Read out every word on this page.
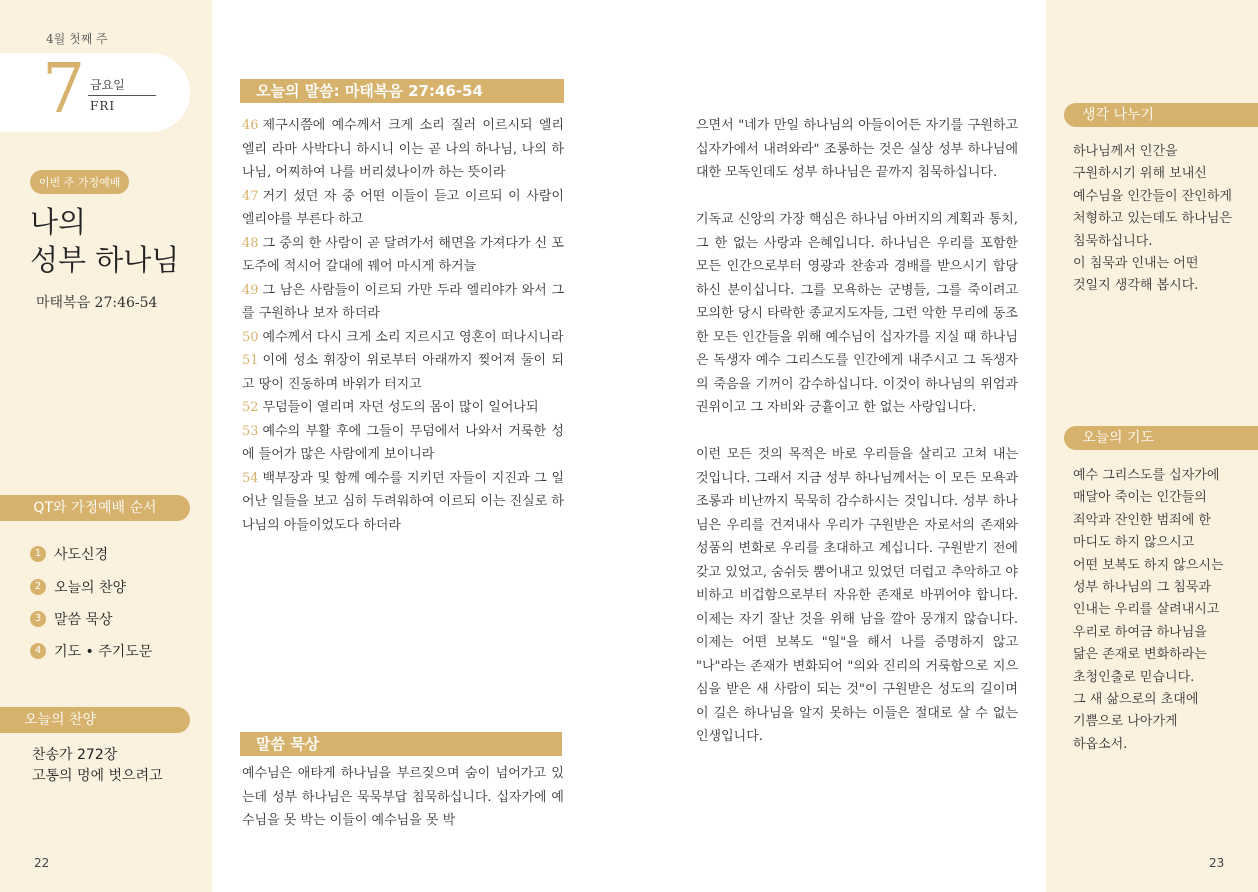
4월 첫째 주
7 금요일
FRI
이번 주 가정예배
나의
성부 하나님
마태복음 27:46-54
QT와 가정예배 순서
1 사도신경
2 오늘의 찬양
3 말씀 묵상
4 기도 • 주기도문
오늘의 찬양
찬송가 272장
고통의 멍에 벗으려고
22
오늘의 말씀: 마태복음 27:46-54
46 제구시쯤에 예수께서 크게 소리 질러 이르시되 엘리 엘리 라마 사박다니 하시니 이는 곧 나의 하나님, 나의 하나님, 어찌하여 나를 버리셨나이까 하는 뜻이라
47 거기 섰던 자 중 어떤 이들이 듣고 이르되 이 사람이 엘리야를 부른다 하고
48 그 중의 한 사람이 곧 달려가서 해면을 가져다가 신 포도주에 적시어 갈대에 꿰어 마시게 하거늘
49 그 남은 사람들이 이르되 가만 두라 엘리야가 와서 그를 구원하나 보자 하더라
50 예수께서 다시 크게 소리 지르시고 영혼이 떠나시니라
51 이에 성소 휘장이 위로부터 아래까지 찢어져 둘이 되고 땅이 진동하며 바위가 터지고
52 무덤들이 열리며 자던 성도의 몸이 많이 일어나되
53 예수의 부활 후에 그들이 무덤에서 나와서 거룩한 성에 들어가 많은 사람에게 보이니라
54 백부장과 및 함께 예수를 지키던 자들이 지진과 그 일어난 일들을 보고 심히 두려워하여 이르되 이는 진실로 하나님의 아들이었도다 하더라
말씀 묵상
예수님은 애타게 하나님을 부르짖으며 숨이 넘어가고 있는데 성부 하나님은 묵묵부답 침묵하십니다. 십자가에 예수님을 못 박는 이들이 예수님을 못 박

으면서 "네가 만일 하나님의 아들이어든 자기를 구원하고 십자가에서 내려와라" 조롱하는 것은 실상 성부 하나님에 대한 모독인데도 성부 하나님은 끝까지 침묵하십니다.

기독교 신앙의 가장 핵심은 하나님 아버지의 계획과 통치, 그 한 없는 사랑과 은혜입니다. 하나님은 우리를 포함한 모든 인간으로부터 영광과 찬송과 경배를 받으시기 합당하신 분이십니다. 그를 모욕하는 군병들, 그를 죽이려고 모의한 당시 타락한 종교지도자들, 그런 악한 무리에 동조한 모든 인간들을 위해 예수님이 십자가를 지실 때 하나님은 독생자 예수 그리스도를 인간에게 내주시고 그 독생자의 죽음을 기꺼이 감수하십니다. 이것이 하나님의 위엄과 권위이고 그 자비와 긍휼이고 한 없는 사랑입니다.

이런 모든 것의 목적은 바로 우리들을 살리고 고쳐 내는 것입니다. 그래서 지금 성부 하나님께서는 이 모든 모욕과 조롱과 비난까지 묵묵히 감수하시는 것입니다. 성부 하나님은 우리를 건져내사 우리가 구원받은 자로서의 존재와 성품의 변화로 우리를 초대하고 계십니다. 구원받기 전에 갖고 있었고, 숨쉬듯 뿜어내고 있었던 더럽고 추악하고 야비하고 비겁함으로부터 자유한 존재로 바뀌어야 합니다. 이제는 자기 잘난 것을 위해 남을 깔아 뭉개지 않습니다. 이제는 어떤 보복도 "일"을 해서 나를 증명하지 않고 "나"라는 존재가 변화되어 "의와 진리의 거룩함으로 지으심을 받은 새 사람이 되는 것"이 구원받은 성도의 길이며 이 길은 하나님을 알지 못하는 이들은 절대로 살 수 없는 인생입니다.

생각 나누기
하나님께서 인간을
구원하시기 위해 보내신
예수님을 인간들이 잔인하게
처형하고 있는데도 하나님은
침묵하십니다.
이 침묵과 인내는 어떤
것일지 생각해 봅시다.
오늘의 기도
예수 그리스도를 십자가에
매달아 죽이는 인간들의
죄악과 잔인한 범죄에 한
마디도 하지 않으시고
어떤 보복도 하지 않으시는
성부 하나님의 그 침묵과
인내는 우리를 살려내시고
우리로 하여금 하나님을
닮은 존재로 변화하라는
초청인출로 믿습니다.
그 새 삶으로의 초대에
기쁨으로 나아가게
하옵소서.
23
